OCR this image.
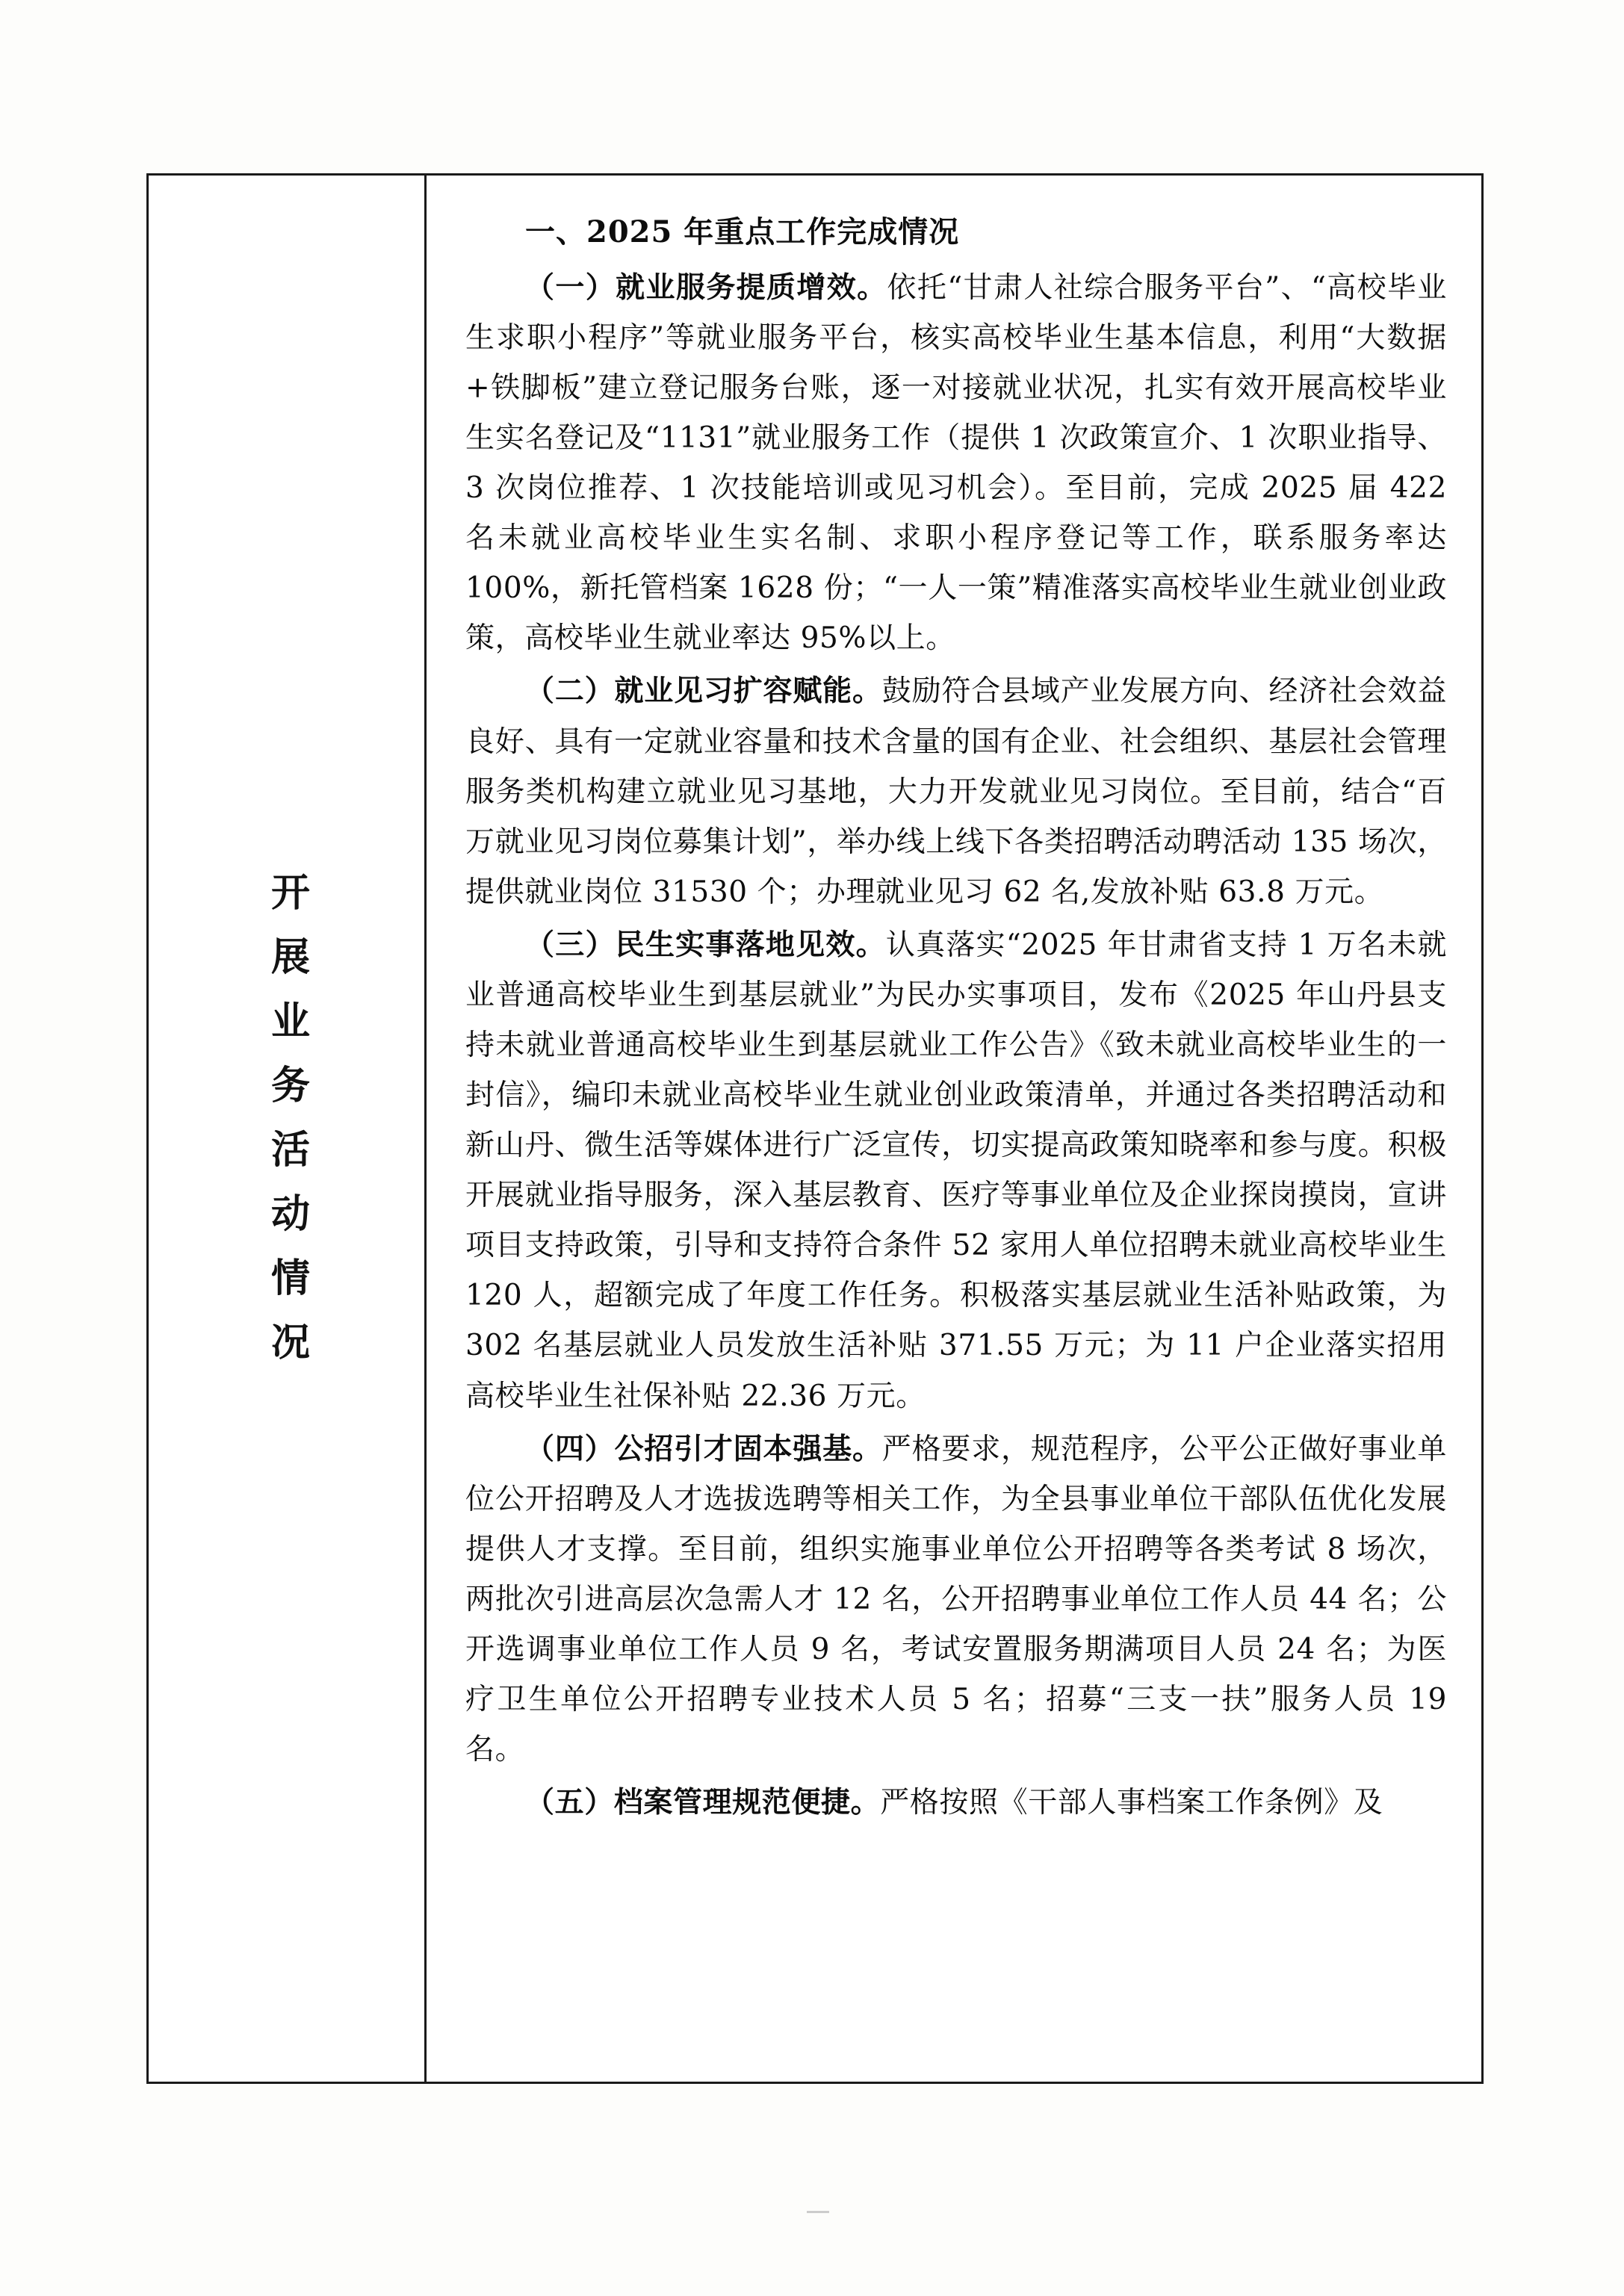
开展业务活动情况
一、2025 年重点工作完成情况

（一）就业服务提质增效。依托“甘肃人社综合服务平台”、“高校毕业生求职小程序”等就业服务平台，核实高校毕业生基本信息，利用“大数据+铁脚板”建立登记服务台账，逐一对接就业状况，扎实有效开展高校毕业生实名登记及“1131”就业服务工作（提供 1 次政策宣介、1 次职业指导、3 次岗位推荐、1 次技能培训或见习机会）。至目前，完成 2025 届 422 名未就业高校毕业生实名制、求职小程序登记等工作，联系服务率达 100%，新托管档案 1628 份；“一人一策”精准落实高校毕业生就业创业政策，高校毕业生就业率达 95%以上。

（二）就业见习扩容赋能。鼓励符合县域产业发展方向、经济社会效益良好、具有一定就业容量和技术含量的国有企业、社会组织、基层社会管理服务类机构建立就业见习基地，大力开发就业见习岗位。至目前，结合“百万就业见习岗位募集计划”，举办线上线下各类招聘活动聘活动 135 场次，提供就业岗位 31530 个；办理就业见习 62 名,发放补贴 63.8 万元。

（三）民生实事落地见效。认真落实“2025 年甘肃省支持 1 万名未就业普通高校毕业生到基层就业”为民办实事项目，发布《2025 年山丹县支持未就业普通高校毕业生到基层就业工作公告》《致未就业高校毕业生的一封信》，编印未就业高校毕业生就业创业政策清单，并通过各类招聘活动和新山丹、微生活等媒体进行广泛宣传，切实提高政策知晓率和参与度。积极开展就业指导服务，深入基层教育、医疗等事业单位及企业探岗摸岗，宣讲项目支持政策，引导和支持符合条件 52 家用人单位招聘未就业高校毕业生 120 人，超额完成了年度工作任务。积极落实基层就业生活补贴政策，为 302 名基层就业人员发放生活补贴 371.55 万元；为 11 户企业落实招用高校毕业生社保补贴 22.36 万元。

（四）公招引才固本强基。严格要求，规范程序，公平公正做好事业单位公开招聘及人才选拔选聘等相关工作，为全县事业单位干部队伍优化发展提供人才支撑。至目前，组织实施事业单位公开招聘等各类考试 8 场次，两批次引进高层次急需人才 12 名，公开招聘事业单位工作人员 44 名；公开选调事业单位工作人员 9 名，考试安置服务期满项目人员 24 名；为医疗卫生单位公开招聘专业技术人员 5 名；招募“三支一扶”服务人员 19 名。

（五）档案管理规范便捷。严格按照《干部人事档案工作条例》及
